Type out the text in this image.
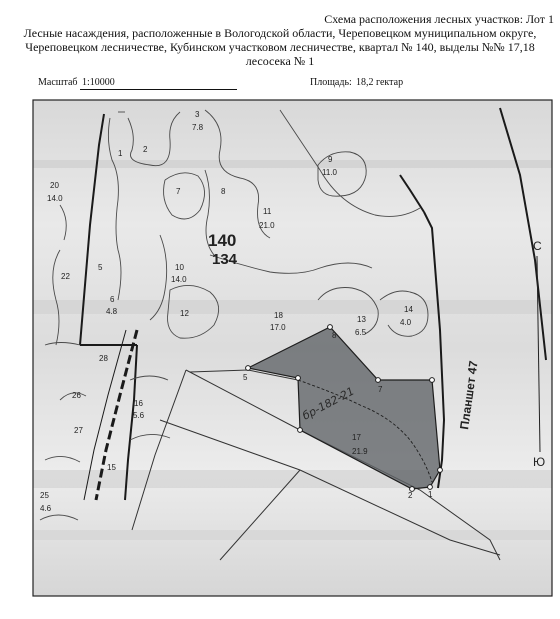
Схема расположения лесных участков: Лот 1
Лесные насаждения, расположенные в Вологодской области, Череповецком муниципальном округе,
Череповецком лесничестве, Кубинском участковом лесничестве, квартал № 140, выделы №№ 17,18
лесосека № 1
Масштаб 1:10000	Площадь: 18,2 гектар
5
8
7
1
2
140
134
бр-182-21	Планшет 47
С
Ю
1	2
3
7.8
5
6
4.8
7	8
9
11.0
10
14.0
11
21.0
12
13
6.5
14
4.0
15
16
5.6
17
21.9
18
17.0
20
14.0
22
25
4.6
26
27
28
